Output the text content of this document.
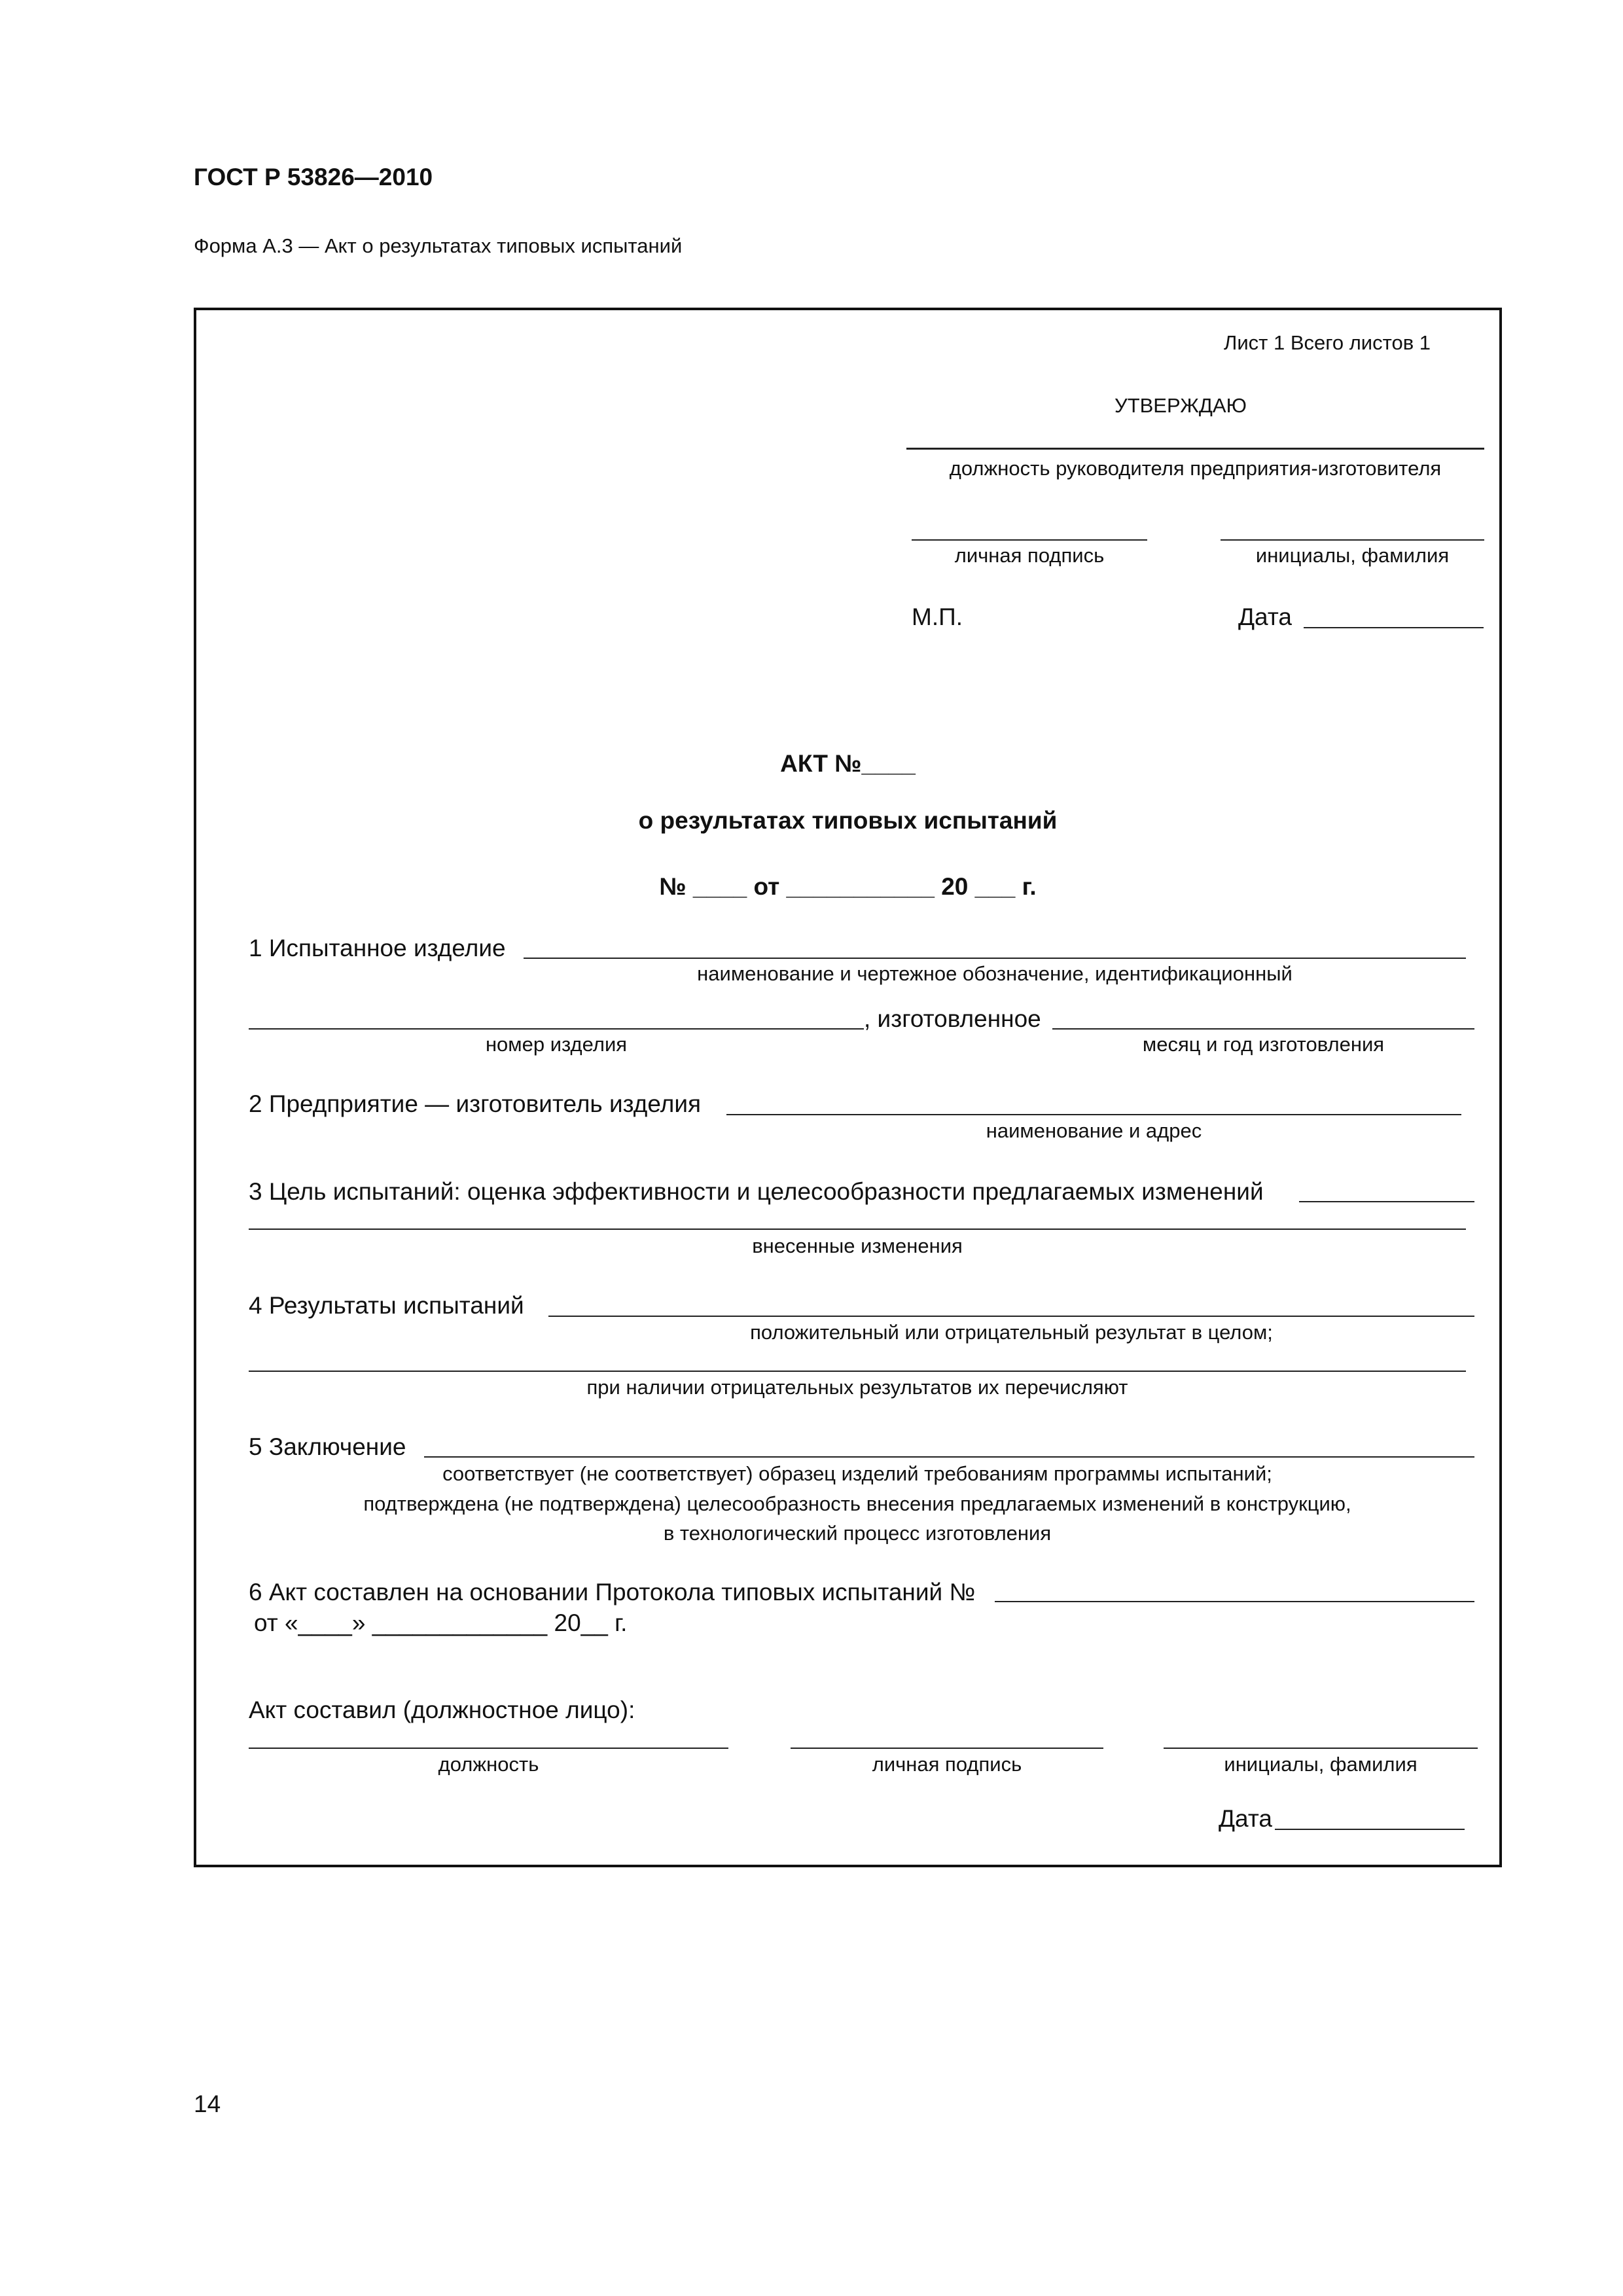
ГОСТ Р 53826—2010
Форма А.3 — Акт о результатах типовых испытаний
Лист 1 Всего листов 1
УТВЕРЖДАЮ
должность руководителя предприятия-изготовителя
личная подпись	инициалы, фамилия
М.П.	Дата
АКТ №____
о результатах типовых испытаний
№ ____ от ___________ 20 ___ г.
1 Испытанное изделие
наименование и чертежное обозначение, идентификационный
, изготовленное
номер изделия	месяц и год изготовления
2 Предприятие — изготовитель изделия
наименование и адрес
3 Цель испытаний: оценка эффективности и целесообразности предлагаемых изменений
внесенные изменения
4 Результаты испытаний
положительный или отрицательный результат в целом;
при наличии отрицательных результатов их перечисляют
5 Заключение
соответствует (не соответствует) образец изделий требованиям программы испытаний;
подтверждена (не подтверждена) целесообразность внесения предлагаемых изменений в конструкцию,
в технологический процесс изготовления
6 Акт составлен на основании Протокола типовых испытаний №
от «____» _____________ 20__ г.
Акт составил (должностное лицо):
должность	личная подпись	инициалы, фамилия
Дата
14
